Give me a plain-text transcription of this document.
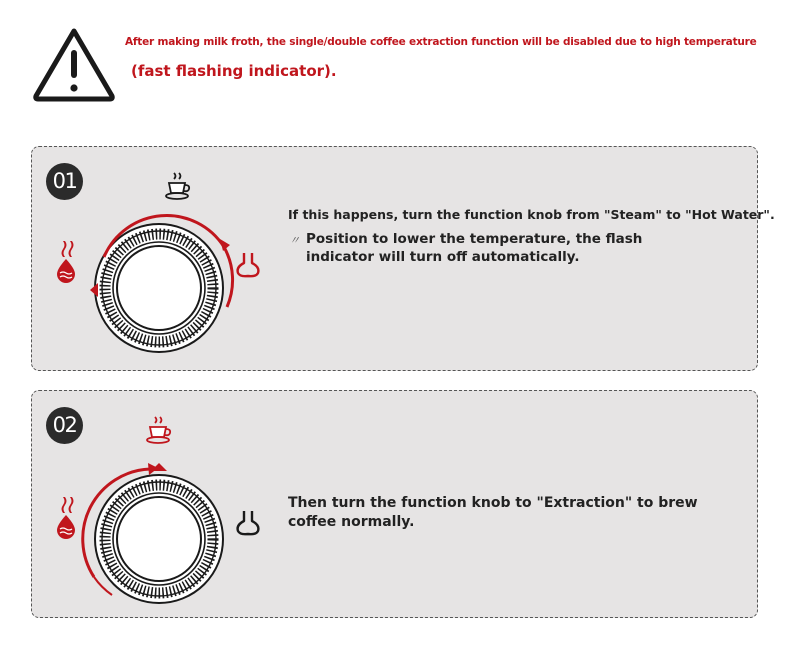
After making milk froth, the single/double coffee extraction function will be disabled due to high temperature
(fast flashing indicator).
01
If this happens, turn the function knob from "Steam" to "Hot Water".
〃 Position to lower the temperature, the flash indicator will turn off automatically.
02
Then turn the function knob to "Extraction" to brew coffee normally.
